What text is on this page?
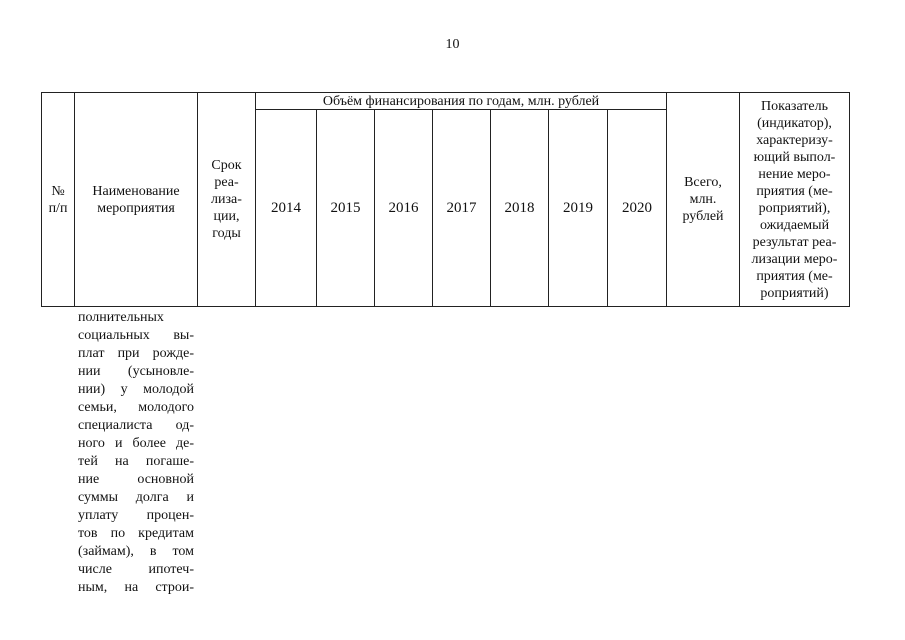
10
№ п/п	Наименование мероприятия	Срок реа-лиза-ции, годы	Объём финансирования по годам, млн. рублей							Всего, млн. рублей	Показатель (индикатор), характеризу-ющий выпол-нение меро-приятия (ме-роприятий), ожидаемый результат реа-лизации меро-приятия (ме-роприятий)

			2014	2015	2016	2017	2018	2019	2020		
полнительных
социальных вы-
плат при рожде-
нии (усыновле-
нии) у молодой
семьи, молодого
специалиста од-
ного и более де-
тей на погаше-
ние основной
суммы долга и
уплату процен-
тов по кредитам
(займам), в том
числе ипотеч-
ным, на строи-
